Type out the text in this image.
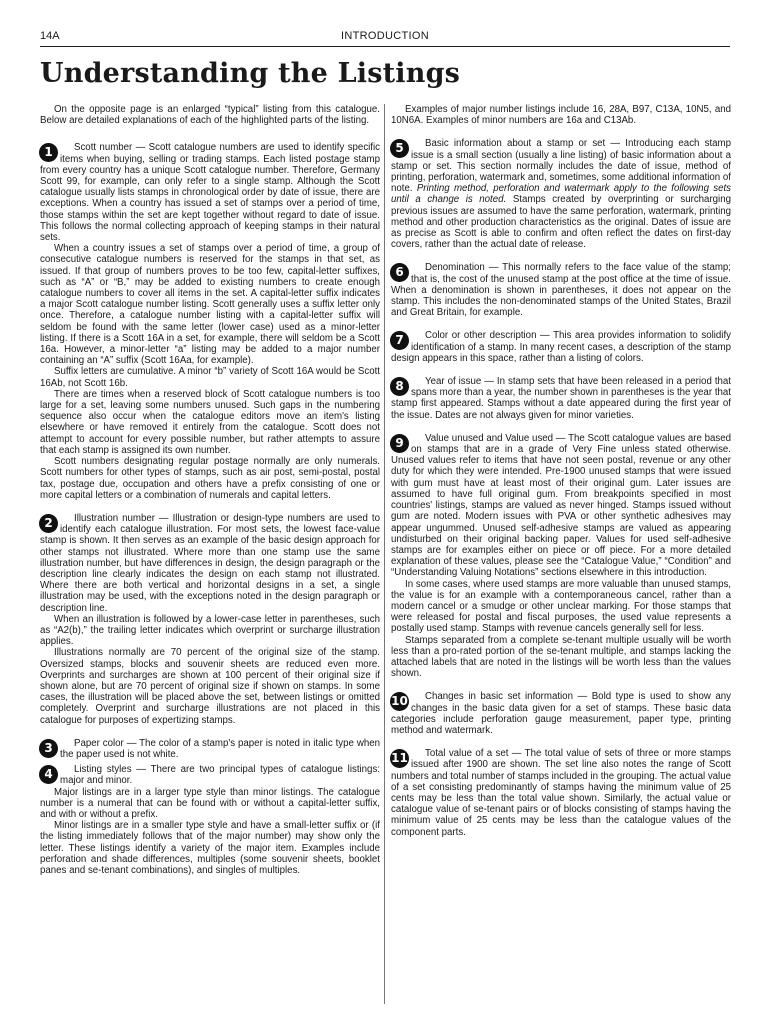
14A	INTRODUCTION
Understanding the Listings

On the opposite page is an enlarged “typical” listing from this catalogue. Below are detailed explanations of each of the highlighted parts of the listing.

1	Scott number — Scott catalogue numbers are used to identify specific items when buying, selling or trading stamps. Each listed postage stamp from every country has a unique Scott catalogue number. Therefore, Germany Scott 99, for example, can only refer to a single stamp. Although the Scott catalogue usually lists stamps in chronological order by date of issue, there are exceptions. When a country has issued a set of stamps over a period of time, those stamps within the set are kept together without regard to date of issue. This follows the normal collecting approach of keeping stamps in their natural sets.

When a country issues a set of stamps over a period of time, a group of consecutive catalogue numbers is reserved for the stamps in that set, as issued. If that group of numbers proves to be too few, capital-letter suffixes, such as “A” or “B,” may be added to existing numbers to create enough catalogue numbers to cover all items in the set. A capital-letter suffix indicates a major Scott catalogue number listing. Scott generally uses a suffix letter only once. Therefore, a catalogue number listing with a capital-letter suffix will seldom be found with the same letter (lower case) used as a minor-letter listing. If there is a Scott 16A in a set, for example, there will seldom be a Scott 16a. However, a minor-letter “a” listing may be added to a major number containing an “A” suffix (Scott 16Aa, for example).

Suffix letters are cumulative. A minor “b” variety of Scott 16A would be Scott 16Ab, not Scott 16b.

There are times when a reserved block of Scott catalogue numbers is too large for a set, leaving some numbers unused. Such gaps in the numbering sequence also occur when the catalogue editors move an item's listing elsewhere or have removed it entirely from the catalogue. Scott does not attempt to account for every possible number, but rather attempts to assure that each stamp is assigned its own number.

Scott numbers designating regular postage normally are only numerals. Scott numbers for other types of stamps, such as air post, semi-postal, postal tax, postage due, occupation and others have a prefix consisting of one or more capital letters or a combination of numerals and capital letters.

2	Illustration number — Illustration or design-type numbers are used to identify each catalogue illustration. For most sets, the lowest face-value stamp is shown. It then serves as an example of the basic design approach for other stamps not illustrated. Where more than one stamp use the same illustration number, but have differences in design, the design paragraph or the description line clearly indicates the design on each stamp not illustrated. Where there are both vertical and horizontal designs in a set, a single illustration may be used, with the exceptions noted in the design paragraph or description line.

When an illustration is followed by a lower-case letter in parentheses, such as “A2(b),” the trailing letter indicates which overprint or surcharge illustration applies.

Illustrations normally are 70 percent of the original size of the stamp. Oversized stamps, blocks and souvenir sheets are reduced even more. Overprints and surcharges are shown at 100 percent of their original size if shown alone, but are 70 percent of original size if shown on stamps. In some cases, the illustration will be placed above the set, between listings or omitted completely. Overprint and surcharge illustrations are not placed in this catalogue for purposes of expertizing stamps.

3	Paper color — The color of a stamp's paper is noted in italic type when the paper used is not white.

4	Listing styles — There are two principal types of catalogue listings: major and minor.

Major listings are in a larger type style than minor listings. The catalogue number is a numeral that can be found with or without a capital-letter suffix, and with or without a prefix.

Minor listings are in a smaller type style and have a small-letter suffix or (if the listing immediately follows that of the major number) may show only the letter. These listings identify a variety of the major item. Examples include perforation and shade differences, multiples (some souvenir sheets, booklet panes and se-tenant combinations), and singles of multiples.

Examples of major number listings include 16, 28A, B97, C13A, 10N5, and 10N6A. Examples of minor numbers are 16a and C13Ab.

5	Basic information about a stamp or set — Introducing each stamp issue is a small section (usually a line listing) of basic information about a stamp or set. This section normally includes the date of issue, method of printing, perforation, watermark and, sometimes, some additional information of note. Printing method, perforation and watermark apply to the following sets until a change is noted. Stamps created by overprinting or surcharging previous issues are assumed to have the same perforation, watermark, printing method and other production characteristics as the original. Dates of issue are as precise as Scott is able to confirm and often reflect the dates on first-day covers, rather than the actual date of release.

6	Denomination — This normally refers to the face value of the stamp; that is, the cost of the unused stamp at the post office at the time of issue. When a denomination is shown in parentheses, it does not appear on the stamp. This includes the non-denominated stamps of the United States, Brazil and Great Britain, for example.

7	Color or other description — This area provides information to solidify identification of a stamp. In many recent cases, a description of the stamp design appears in this space, rather than a listing of colors.

8	Year of issue — In stamp sets that have been released in a period that spans more than a year, the number shown in parentheses is the year that stamp first appeared. Stamps without a date appeared during the first year of the issue. Dates are not always given for minor varieties.

9	Value unused and Value used — The Scott catalogue values are based on stamps that are in a grade of Very Fine unless stated otherwise. Unused values refer to items that have not seen postal, revenue or any other duty for which they were intended. Pre-1900 unused stamps that were issued with gum must have at least most of their original gum. Later issues are assumed to have full original gum. From breakpoints specified in most countries' listings, stamps are valued as never hinged. Stamps issued without gum are noted. Modern issues with PVA or other synthetic adhesives may appear ungummed. Unused self-adhesive stamps are valued as appearing undisturbed on their original backing paper. Values for used self-adhesive stamps are for examples either on piece or off piece. For a more detailed explanation of these values, please see the “Catalogue Value,” “Condition” and “Understanding Valuing Notations” sections elsewhere in this introduction.

In some cases, where used stamps are more valuable than unused stamps, the value is for an example with a contemporaneous cancel, rather than a modern cancel or a smudge or other unclear marking. For those stamps that were released for postal and fiscal purposes, the used value represents a postally used stamp. Stamps with revenue cancels generally sell for less.

Stamps separated from a complete se-tenant multiple usually will be worth less than a pro-rated portion of the se-tenant multiple, and stamps lacking the attached labels that are noted in the listings will be worth less than the values shown.

10	Changes in basic set information — Bold type is used to show any changes in the basic data given for a set of stamps. These basic data categories include perforation gauge measurement, paper type, printing method and watermark.

11	Total value of a set — The total value of sets of three or more stamps issued after 1900 are shown. The set line also notes the range of Scott numbers and total number of stamps included in the grouping. The actual value of a set consisting predominantly of stamps having the minimum value of 25 cents may be less than the total value shown. Similarly, the actual value or catalogue value of se-tenant pairs or of blocks consisting of stamps having the minimum value of 25 cents may be less than the catalogue values of the component parts.
